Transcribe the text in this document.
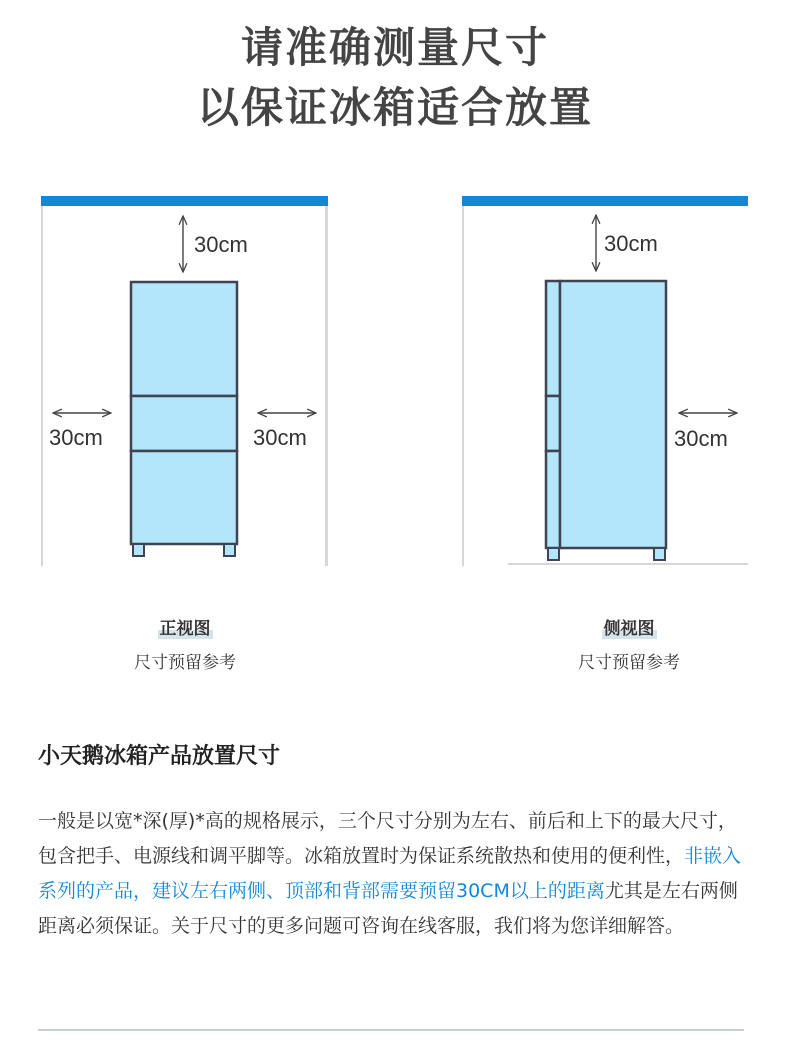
请准确测量尺寸
以保证冰箱适合放置
30cm
30cm	30cm
30cm
30cm
正视图
尺寸预留参考
侧视图
尺寸预留参考
小天鹅冰箱产品放置尺寸
一般是以宽*深(厚)*高的规格展示，三个尺寸分别为左右、前后和上下的最大尺寸，包含把手、电源线和调平脚等。冰箱放置时为保证系统散热和使用的便利性，非嵌入系列的产品，建议左右两侧、顶部和背部需要预留30CM以上的距离尤其是左右两侧距离必须保证。关于尺寸的更多问题可咨询在线客服，我们将为您详细解答。
